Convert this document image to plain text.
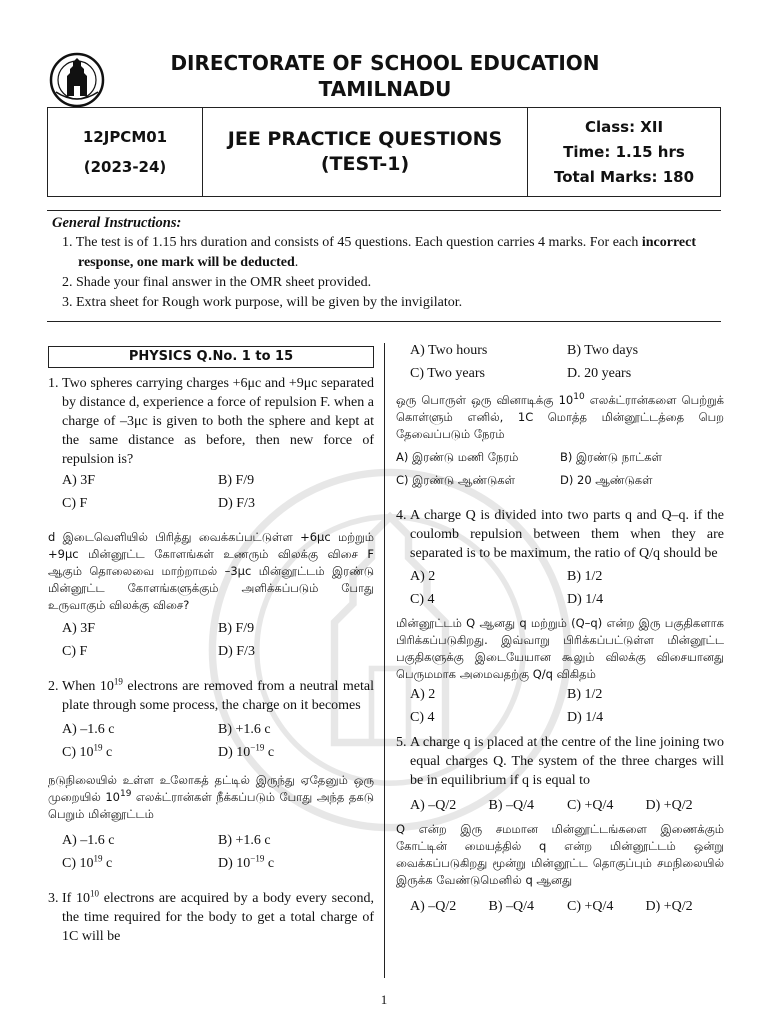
DIRECTORATE OF SCHOOL EDUCATION
TAMILNADU
12JPCM01
(2023-24)
JEE PRACTICE QUESTIONS
(TEST-1)
Class: XII
Time: 1.15 hrs
Total Marks: 180
General Instructions:
1. The test is of 1.15 hrs duration and consists of 45 questions. Each question carries 4 marks. For each incorrect response, one mark will be deducted.
2. Shade your final answer in the OMR sheet provided.
3. Extra sheet for Rough work purpose, will be given by the invigilator.
PHYSICS Q.No. 1 to 15
1. Two spheres carrying charges +6μc and +9μc separated by distance d, experience a force of repulsion F. when a charge of –3μc is given to both the sphere and kept at the same distance as before, then new force of repulsion is?
A) 3F	B) F/9
C) F	D) F/3
d இடைவெளியில் பிரித்து வைக்கப்பட்டுள்ள +6μc மற்றும் +9μc மின்னூட்ட கோளங்கள் உணரும் விலக்கு விசை F ஆகும் தொலைவை மாற்றாமல் –3μc மின்னூட்டம் இரண்டு மின்னூட்ட கோளங்களுக்கும் அளிக்கப்படும் போது உருவாகும் விலக்கு விசை?
A) 3F	B) F/9
C) F	D) F/3
2. When $10^{19}$ electrons are removed from a neutral metal plate through some process, the charge on it becomes
A) –1.6 c	B) +1.6 c
C) $10^{19}$ c	D) $10^{-19}$ c
நடுநிலையில் உள்ள உலோகத் தட்டில் இருந்து ஏதேனும் ஒரு முறையில் $10^{19}$ எலக்ட்ரான்கள் நீக்கப்படும் போது அந்த தகடு பெறும் மின்னூட்டம்
A) –1.6 c	B) +1.6 c
C) $10^{19}$ c	D) $10^{-19}$ c
3. If $10^{10}$ electrons are acquired by a body every second, the time required for the body to get a total charge of 1C will be
A) Two hours	B) Two days
C) Two years	D. 20 years
ஒரு பொருள் ஒரு வினாடிக்கு $10^{10}$ எலக்ட்ரான்களை பெற்றுக் கொள்ளும் எனில், 1C மொத்த மின்னூட்டத்தை பெற தேவைப்படும் நேரம்
A) இரண்டு மணி நேரம்	B) இரண்டு நாட்கள்
C) இரண்டு ஆண்டுகள்	D) 20 ஆண்டுகள்
4. A charge Q is divided into two parts q and Q–q. if the coulomb repulsion between them when they are separated is to be maximum, the ratio of Q/q should be
A) 2	B) 1/2
C) 4	D) 1/4
மின்னூட்டம் Q ஆனது q மற்றும் (Q–q) என்ற இரு பகுதிகளாக பிரிக்கப்படுகிறது. இவ்வாறு பிரிக்கப்பட்டுள்ள மின்னூட்ட பகுதிகளுக்கு இடையேயான கூலும் விலக்கு விசையானது பெருமமாக அமைவதற்கு Q/q விகிதம்
A) 2	B) 1/2
C) 4	D) 1/4
5. A charge q is placed at the centre of the line joining two equal charges Q. The system of the three charges will be in equilibrium if q is equal to
A) –Q/2	B) –Q/4	C) +Q/4	D) +Q/2
Q என்ற இரு சமமான மின்னூட்டங்களை இணைக்கும் கோட்டின் மையத்தில் q என்ற மின்னூட்டம் ஒன்று வைக்கப்படுகிறது மூன்று மின்னூட்ட தொகுப்பும் சமநிலையில் இருக்க வேண்டுமெனில் q ஆனது
A) –Q/2	B) –Q/4	C) +Q/4	D) +Q/2
1
